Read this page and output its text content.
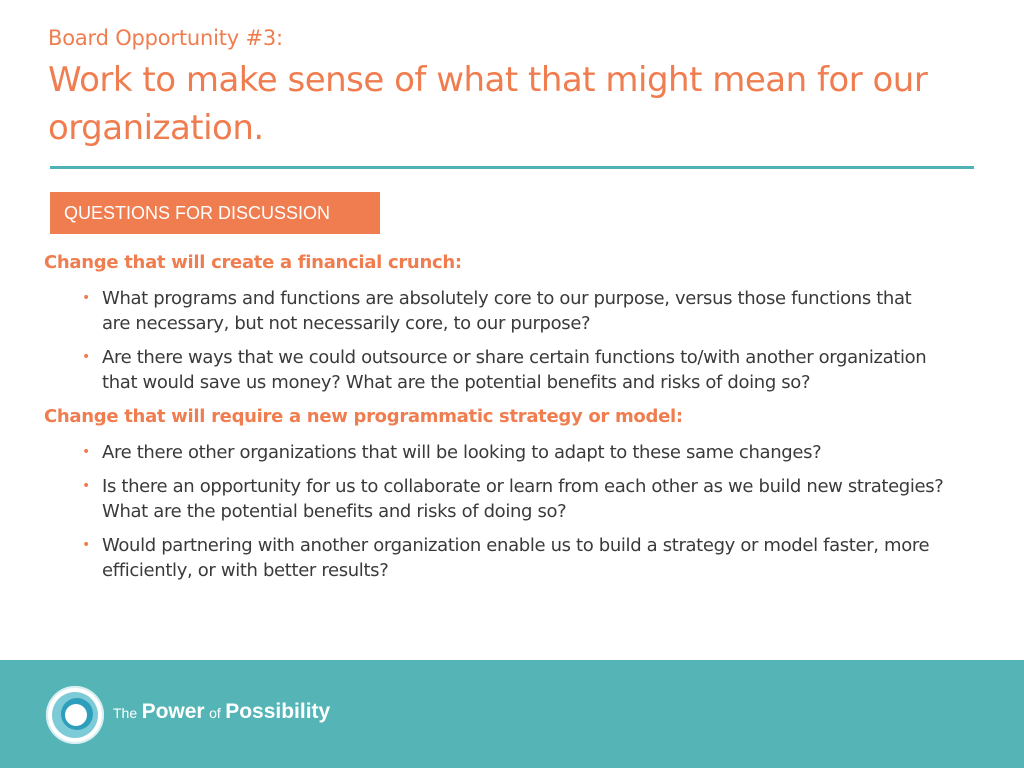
Board Opportunity #3:
Work to make sense of what that might mean for our organization.
QUESTIONS FOR DISCUSSION
Change that will create a financial crunch:
• What programs and functions are absolutely core to our purpose, versus those functions that are necessary, but not necessarily core, to our purpose?
• Are there ways that we could outsource or share certain functions to/with another organization that would save us money? What are the potential benefits and risks of doing so?
Change that will require a new programmatic strategy or model:
• Are there other organizations that will be looking to adapt to these same changes?
• Is there an opportunity for us to collaborate or learn from each other as we build new strategies? What are the potential benefits and risks of doing so?
• Would partnering with another organization enable us to build a strategy or model faster, more efficiently, or with better results?
The Power of Possibility
